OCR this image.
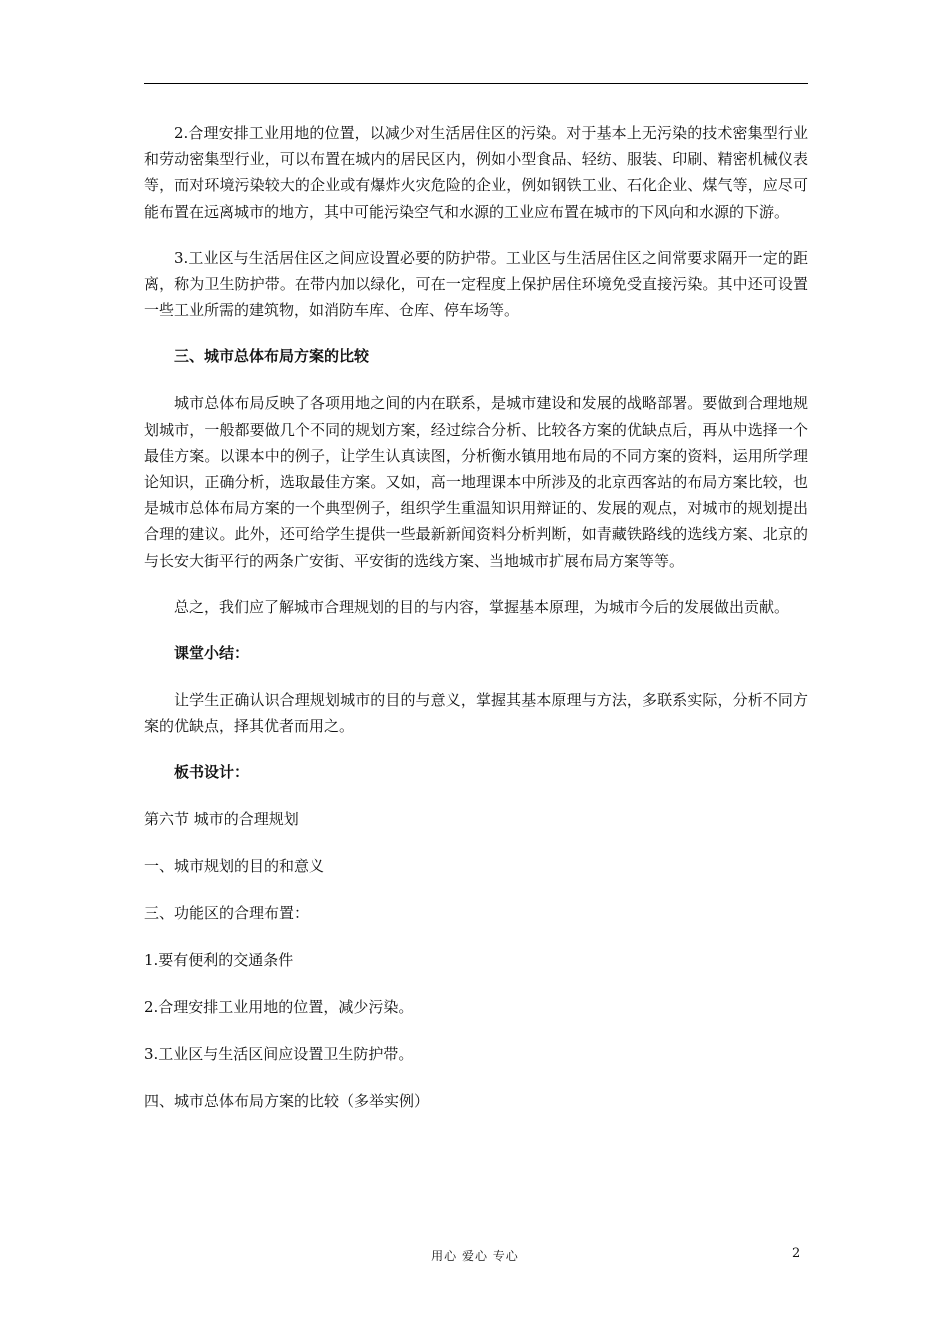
2.合理安排工业用地的位置，以减少对生活居住区的污染。对于基本上无污染的技术密集型行业和劳动密集型行业，可以布置在城内的居民区内，例如小型食品、轻纺、服装、印刷、精密机械仪表等，而对环境污染较大的企业或有爆炸火灾危险的企业，例如钢铁工业、石化企业、煤气等，应尽可能布置在远离城市的地方，其中可能污染空气和水源的工业应布置在城市的下风向和水源的下游。

3.工业区与生活居住区之间应设置必要的防护带。工业区与生活居住区之间常要求隔开一定的距离，称为卫生防护带。在带内加以绿化，可在一定程度上保护居住环境免受直接污染。其中还可设置一些工业所需的建筑物，如消防车库、仓库、停车场等。

三、城市总体布局方案的比较

城市总体布局反映了各项用地之间的内在联系，是城市建设和发展的战略部署。要做到合理地规划城市，一般都要做几个不同的规划方案，经过综合分析、比较各方案的优缺点后，再从中选择一个最佳方案。以课本中的例子，让学生认真读图，分析衡水镇用地布局的不同方案的资料，运用所学理论知识，正确分析，选取最佳方案。又如，高一地理课本中所涉及的北京西客站的布局方案比较，也是城市总体布局方案的一个典型例子，组织学生重温知识用辩证的、发展的观点，对城市的规划提出合理的建议。此外，还可给学生提供一些最新新闻资料分析判断，如青藏铁路线的选线方案、北京的与长安大街平行的两条广安街、平安街的选线方案、当地城市扩展布局方案等等。

总之，我们应了解城市合理规划的目的与内容，掌握基本原理，为城市今后的发展做出贡献。

课堂小结：

让学生正确认识合理规划城市的目的与意义，掌握其基本原理与方法，多联系实际，分析不同方案的优缺点，择其优者而用之。

板书设计：

第六节 城市的合理规划

一、城市规划的目的和意义

三、功能区的合理布置：

1.要有便利的交通条件

2.合理安排工业用地的位置，减少污染。

3.工业区与生活区间应设置卫生防护带。

四、城市总体布局方案的比较（多举实例）

用心 爱心 专心	2
